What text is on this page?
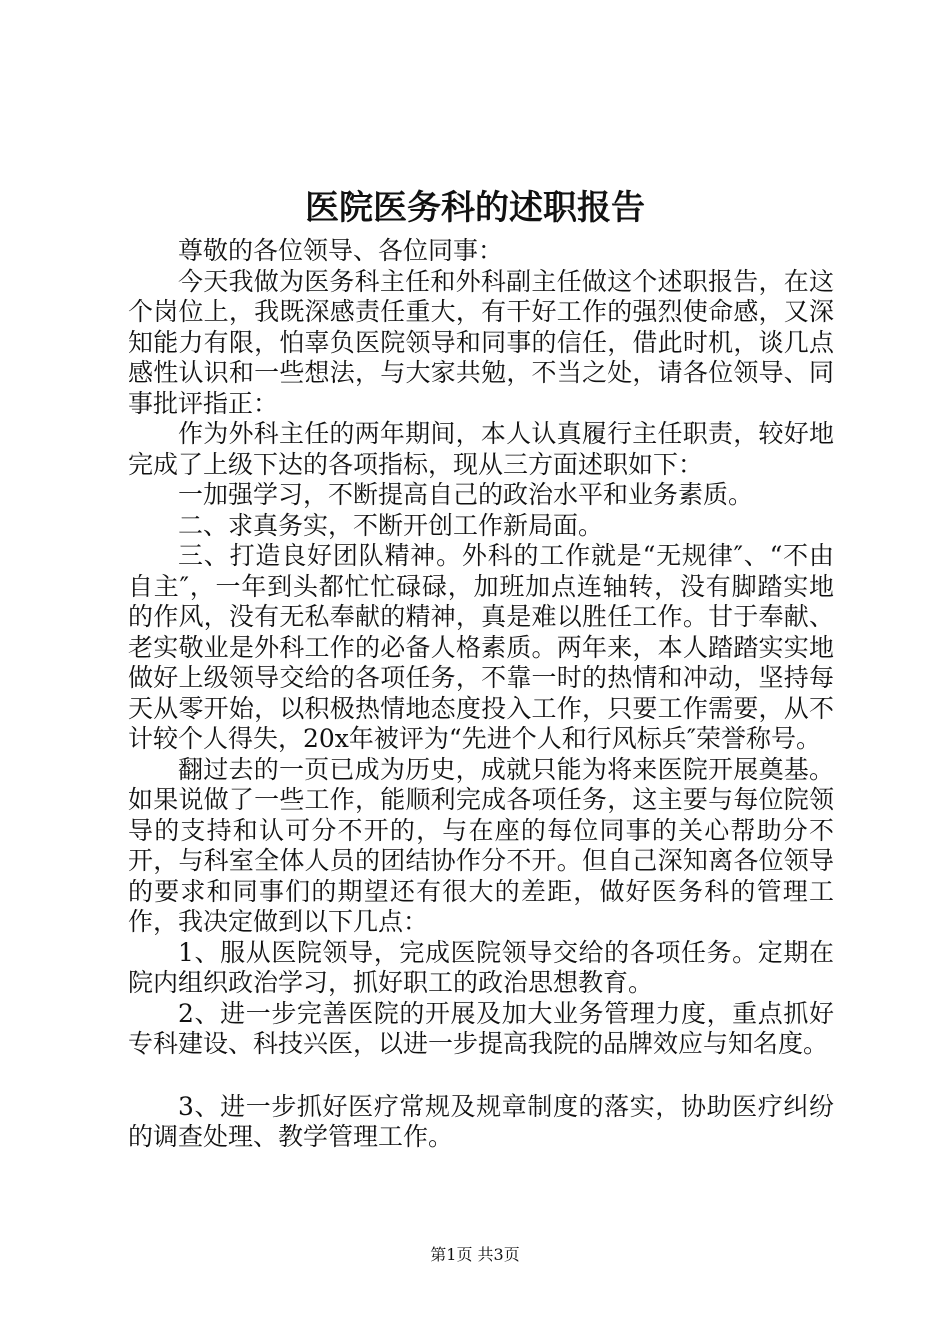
医院医务科的述职报告

尊敬的各位领导、各位同事：

今天我做为医务科主任和外科副主任做这个述职报告，在这个岗位上，我既深感责任重大，有干好工作的强烈使命感，又深知能力有限，怕辜负医院领导和同事的信任，借此时机，谈几点感性认识和一些想法，与大家共勉，不当之处，请各位领导、同事批评指正：

作为外科主任的两年期间，本人认真履行主任职责，较好地完成了上级下达的各项指标，现从三方面述职如下：

一加强学习，不断提高自己的政治水平和业务素质。

二、求真务实，不断开创工作新局面。

三、打造良好团队精神。外科的工作就是“无规律″、“不由自主″，一年到头都忙忙碌碌，加班加点连轴转，没有脚踏实地的作风，没有无私奉献的精神，真是难以胜任工作。甘于奉献、老实敬业是外科工作的必备人格素质。两年来，本人踏踏实实地做好上级领导交给的各项任务，不靠一时的热情和冲动，坚持每天从零开始，以积极热情地态度投入工作，只要工作需要，从不计较个人得失，20x年被评为“先进个人和行风标兵″荣誉称号。

翻过去的一页已成为历史，成就只能为将来医院开展奠基。如果说做了一些工作，能顺利完成各项任务，这主要与每位院领导的支持和认可分不开的，与在座的每位同事的关心帮助分不开，与科室全体人员的团结协作分不开。但自己深知离各位领导的要求和同事们的期望还有很大的差距，做好医务科的管理工作，我决定做到以下几点：

1、服从医院领导，完成医院领导交给的各项任务。定期在院内组织政治学习，抓好职工的政治思想教育。

2、进一步完善医院的开展及加大业务管理力度，重点抓好专科建设、科技兴医，以进一步提高我院的品牌效应与知名度。

3、进一步抓好医疗常规及规章制度的落实，协助医疗纠纷的调查处理、教学管理工作。

第1页 共3页
